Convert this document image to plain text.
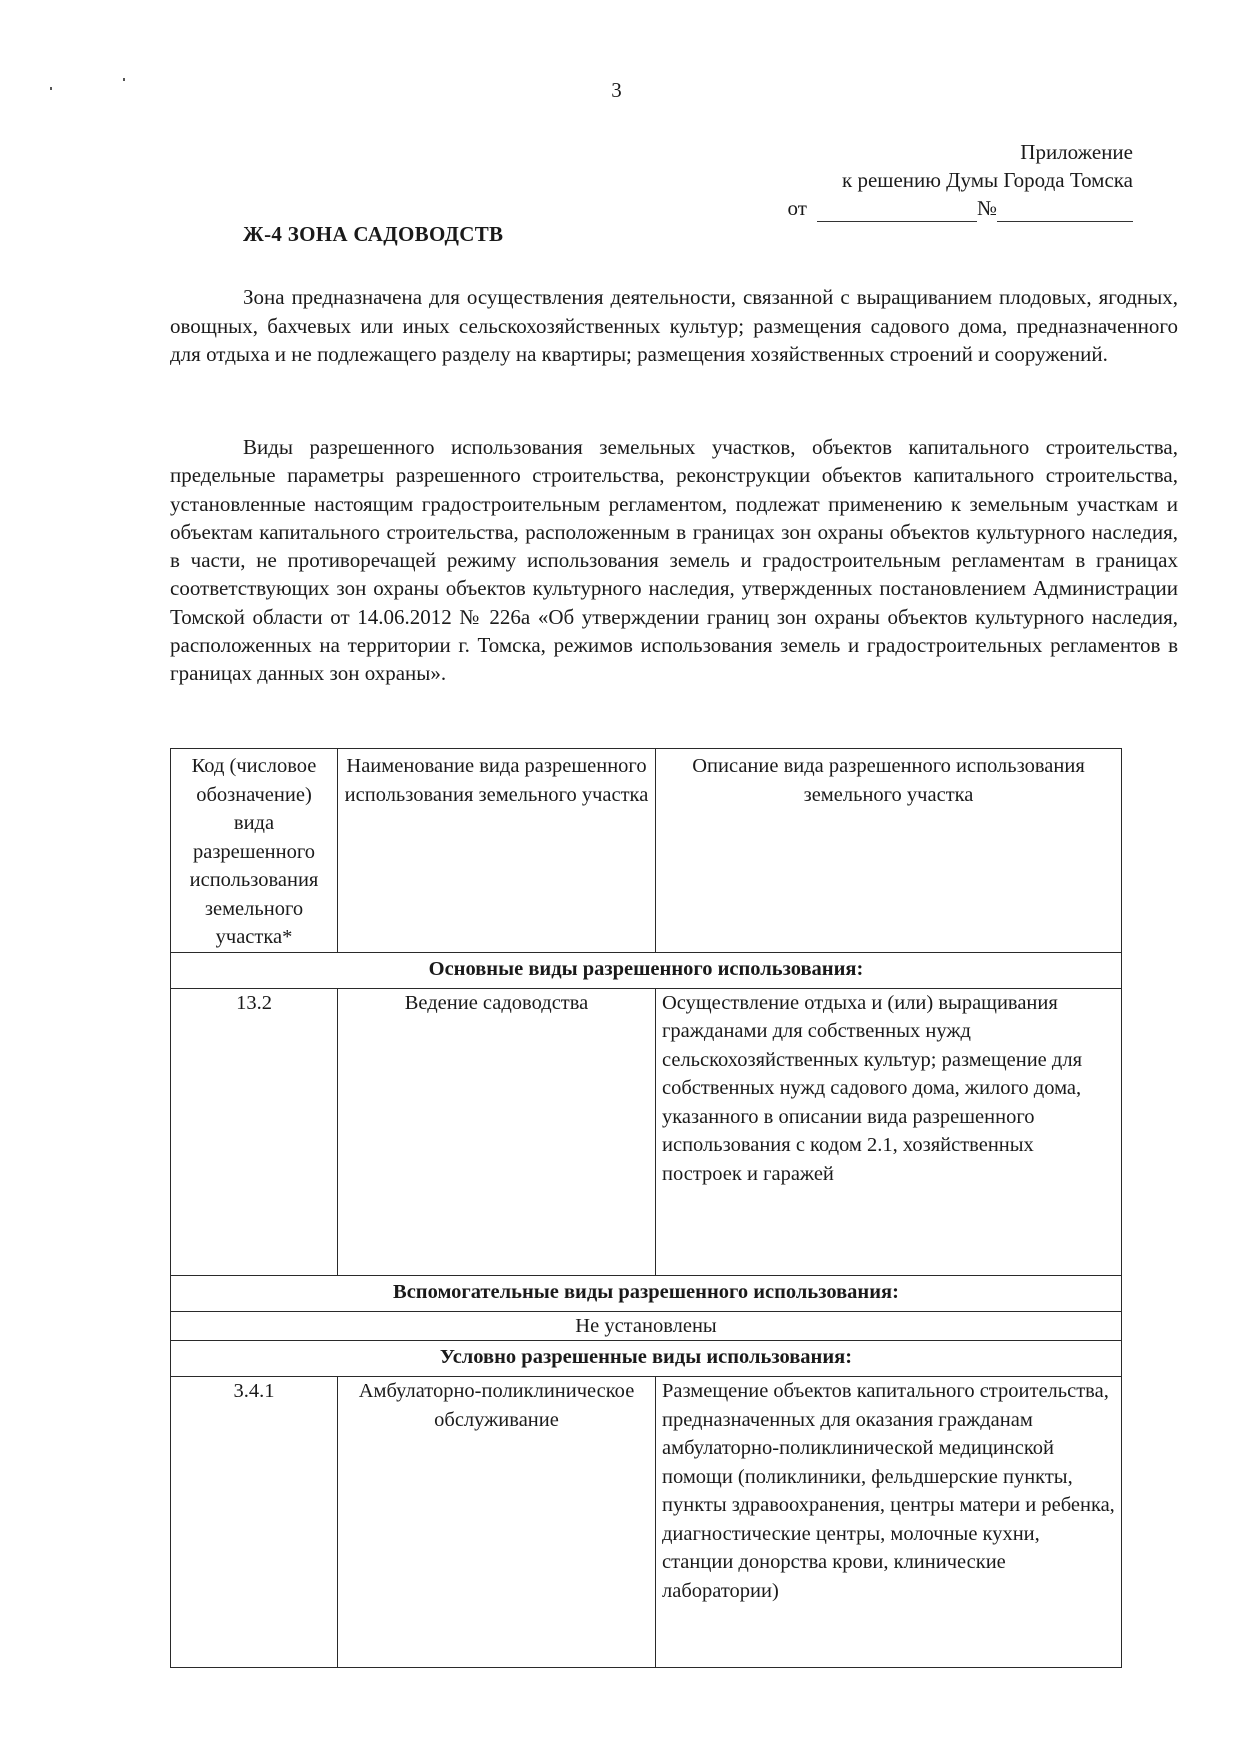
3
Приложение
к решению Думы Города Томска
от	№
Ж-4 ЗОНА САДОВОДСТВ

Зона предназначена для осуществления деятельности, связанной с выращиванием плодовых, ягодных, овощных, бахчевых или иных сельскохозяйственных культур; размещения садового дома, предназначенного для отдыха и не подлежащего разделу на квартиры; размещения хозяйственных строений и сооружений.

Виды разрешенного использования земельных участков, объектов капитального строительства, предельные параметры разрешенного строительства, реконструкции объектов капитального строительства, установленные настоящим градостроительным регламентом, подлежат применению к земельным участкам и объектам капитального строительства, расположенным в границах зон охраны объектов культурного наследия, в части, не противоречащей режиму использования земель и градостроительным регламентам в границах соответствующих зон охраны объектов культурного наследия, утвержденных постановлением Администрации Томской области от 14.06.2012 № 226а «Об утверждении границ зон охраны объектов культурного наследия, расположенных на территории г. Томска, режимов использования земель и градостроительных регламентов в границах данных зон охраны».

Код (числовое обозначение) вида разрешенного использования земельного участка*	Наименование вида разрешенного использования земельного участка	Описание вида разрешенного использования земельного участка
Основные виды разрешенного использования:		
13.2	Ведение садоводства	Осуществление отдыха и (или) выращивания гражданами для собственных нужд сельскохозяйственных культур; размещение для собственных нужд садового дома, жилого дома, указанного в описании вида разрешенного использования с кодом 2.1, хозяйственных построек и гаражей
Вспомогательные виды разрешенного использования:		
Не установлены		
Условно разрешенные виды использования:		
3.4.1	Амбулаторно-поликлиническое обслуживание	Размещение объектов капитального строительства, предназначенных для оказания гражданам амбулаторно-поликлинической медицинской помощи (поликлиники, фельдшерские пункты, пункты здравоохранения, центры матери и ребенка, диагностические центры, молочные кухни, станции донорства крови, клинические лаборатории)
